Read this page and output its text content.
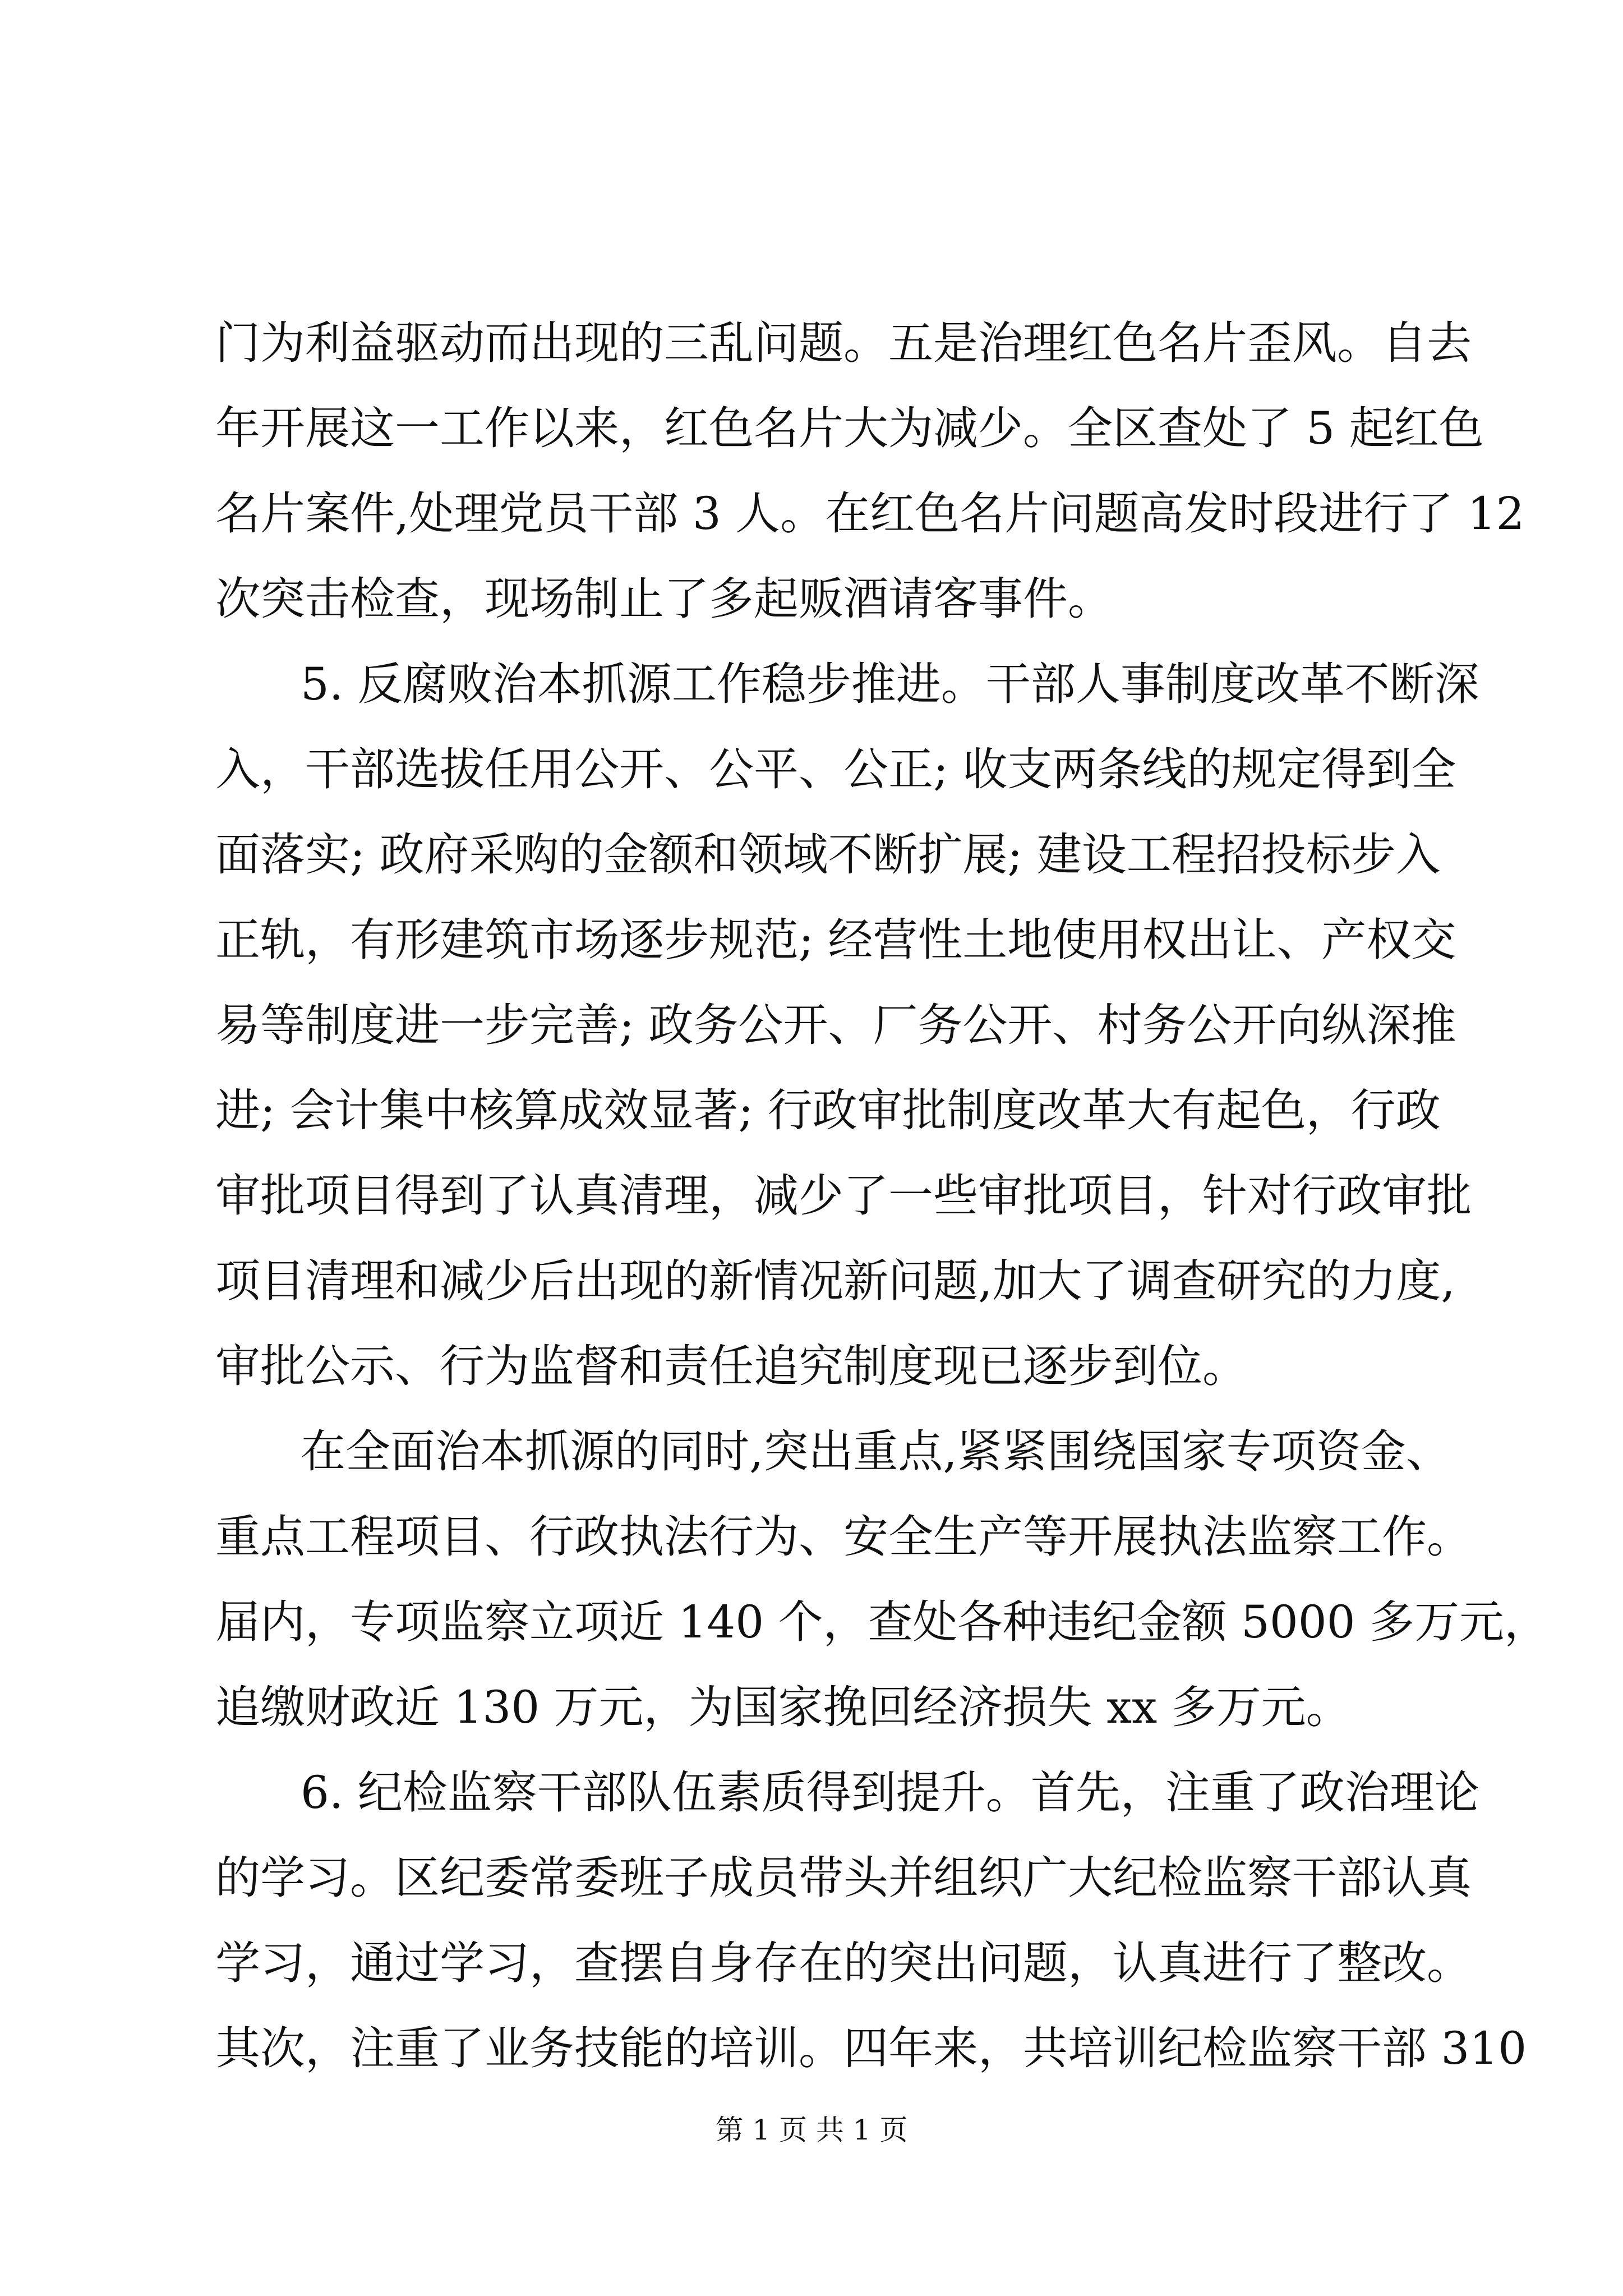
门为利益驱动而出现的三乱问题。五是治理红色名片歪风。自去
年开展这一工作以来，红色名片大为减少。全区查处了 5 起红色
名片案件,处理党员干部 3 人。在红色名片问题高发时段进行了 12
次突击检查，现场制止了多起贩酒请客事件。
5. 反腐败治本抓源工作稳步推进。干部人事制度改革不断深
入，干部选拔任用公开、公平、公正; 收支两条线的规定得到全
面落实; 政府采购的金额和领域不断扩展; 建设工程招投标步入
正轨，有形建筑市场逐步规范; 经营性土地使用权出让、产权交
易等制度进一步完善; 政务公开、厂务公开、村务公开向纵深推
进; 会计集中核算成效显著; 行政审批制度改革大有起色，行政
审批项目得到了认真清理，减少了一些审批项目，针对行政审批
项目清理和减少后出现的新情况新问题,加大了调查研究的力度,
审批公示、行为监督和责任追究制度现已逐步到位。
在全面治本抓源的同时,突出重点,紧紧围绕国家专项资金、
重点工程项目、行政执法行为、安全生产等开展执法监察工作。
届内，专项监察立项近 140 个，查处各种违纪金额 5000 多万元，
追缴财政近 130 万元，为国家挽回经济损失 xx 多万元。
6. 纪检监察干部队伍素质得到提升。首先，注重了政治理论
的学习。区纪委常委班子成员带头并组织广大纪检监察干部认真
学习，通过学习，查摆自身存在的突出问题，认真进行了整改。
其次，注重了业务技能的培训。四年来，共培训纪检监察干部 310
第 1 页 共 1 页
